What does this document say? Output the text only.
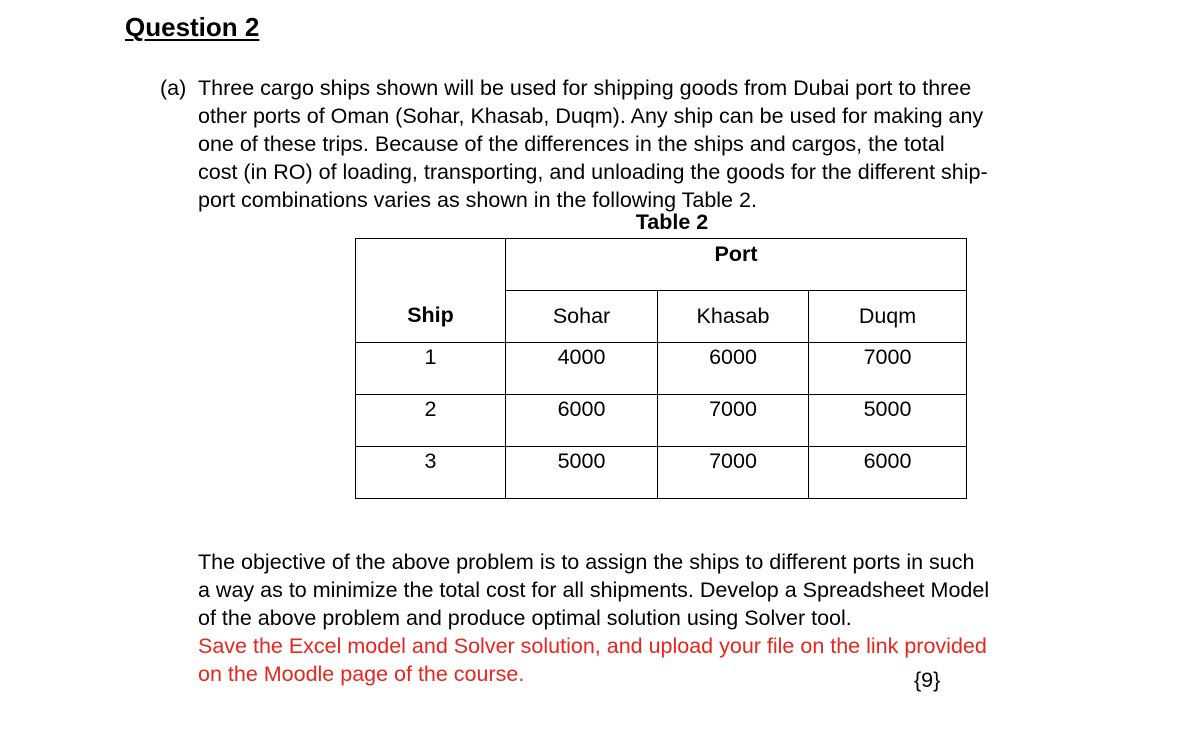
Question 2
(a) Three cargo ships shown will be used for shipping goods from Dubai port to three
other ports of Oman (Sohar, Khasab, Duqm). Any ship can be used for making any
one of these trips. Because of the differences in the ships and cargos, the total
cost (in RO) of loading, transporting, and unloading the goods for the different ship-
port combinations varies as shown in the following Table 2.
Table 2
Ship	Port		
	Sohar	Khasab	Duqm
1	4000	6000	7000
2	6000	7000	5000
3	5000	7000	6000
The objective of the above problem is to assign the ships to different ports in such
a way as to minimize the total cost for all shipments. Develop a Spreadsheet Model
of the above problem and produce optimal solution using Solver tool.
Save the Excel model and Solver solution, and upload your file on the link provided
on the Moodle page of the course.	{9}
